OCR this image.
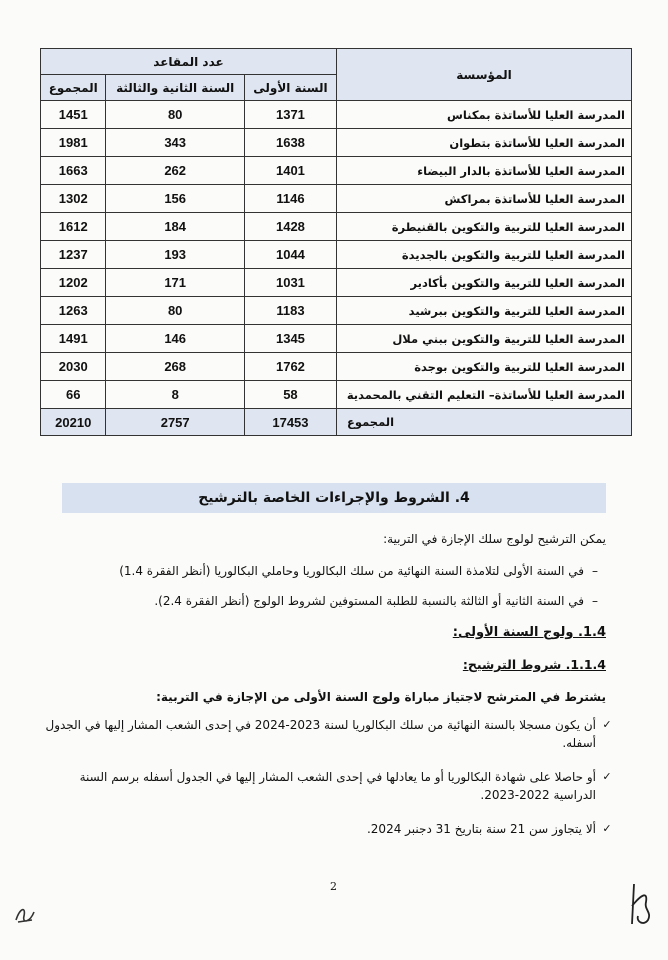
المؤسسة	عدد المقاعد		
	السنة الأولى	السنة الثانية والثالثة	المجموع
المدرسة العليا للأساتذة بمكناس	1371	80	1451
المدرسة العليا للأساتذة بتطوان	1638	343	1981
المدرسة العليا للأساتذة بالدار البيضاء	1401	262	1663
المدرسة العليا للأساتذة بمراكش	1146	156	1302
المدرسة العليا للتربية والتكوين بالقنيطرة	1428	184	1612
المدرسة العليا للتربية والتكوين بالجديدة	1044	193	1237
المدرسة العليا للتربية والتكوين بأكادير	1031	171	1202
المدرسة العليا للتربية والتكوين ببرشيد	1183	80	1263
المدرسة العليا للتربية والتكوين ببني ملال	1345	146	1491
المدرسة العليا للتربية والتكوين بوجدة	1762	268	2030
المدرسة العليا للأساتذة– التعليم التقني بالمحمدية	58	8	66
المجموع	17453	2757	20210
4. الشروط والإجراءات الخاصة بالترشيح
يمكن الترشيح لولوج سلك الإجازة في التربية:
–
في السنة الأولى لتلامذة السنة النهائية من سلك البكالوريا وحاملي البكالوريا (أنظر الفقرة 1.4)
–
في السنة الثانية أو الثالثة بالنسبة للطلبة المستوفين لشروط الولوج (أنظر الفقرة 2.4).
1.4. ولوج السنة الأولى:
1.1.4. شروط الترشيح:
يشترط في المترشح لاجتياز مباراة ولوج السنة الأولى من الإجازة في التربية:
✓
أن يكون مسجلا بالسنة النهائية من سلك البكالوريا لسنة 2023-2024 في إحدى الشعب المشار إليها في الجدول أسفله.
✓
أو حاصلا على شهادة البكالوريا أو ما يعادلها في إحدى الشعب المشار إليها في الجدول أسفله برسم السنة الدراسية 2022-2023.
✓
ألا يتجاوز سن 21 سنة بتاريخ 31 دجنبر 2024.
2
